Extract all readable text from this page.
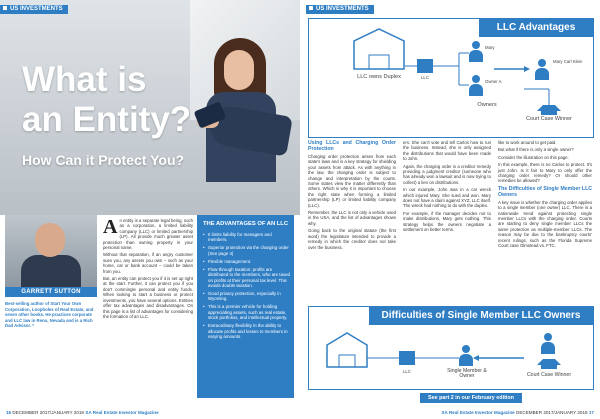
US INVESTMENTS
What is
an Entity?
How Can it Protect You?
GARRETT SUTTON

Best-selling author of Start Your Own Corporation, Loopholes of Real Estate, and seven other books. He practices corporate and LLC law in Reno, Nevada and is a Rich Dad Advisor. *

A n entity is a separate legal being, such as a corporation, a limited liability company (LLC) or limited partnership (LP). All provide much greater asset protection than owning property in your personal name.

Without that separation, if an angry customer sues you, any assets you own – such as your home, car or bank account – could be taken from you.

But, an entity can protect you if it is set up right at the start. Further, it can protect you if you don't commingle personal and entity funds. When looking to start a business or protect investments, you have several options. Entities offer tax advantages and disadvantages. On this page is a list of advantages for considering the formation of an LLC.

THE ADVANTAGES OF AN LLC
• It limits liability for managers and members.
• Superior protection via the charging order (See page 4)
• Flexible management.
• Flow-through taxation: profits are distributed to the members, who are taxed on profits at their personal tax level. This avoids double taxation.
• Good privacy protection, especially in Wyoming.
• This is a premier vehicle for holding appreciating assets, such as real estate, stock portfolios, and intellectual property.
• Extraordinary flexibility in the ability to allocate profits and losses to members in varying amounts.
16 DECEMBER 2017/JANUARY 2018 SA Real Estate Investor Magazine
US INVESTMENTS
LLC Advantages
LLC owns Duplex	LLC
Mary
Owner A
Owners
Mary Carl Klein
Court Case Winner
Using LLCs and Charging Order Protection

Charging order protection arises from each state's laws and is a key strategy for shielding your assets from attack. As with anything in the law, the charging order is subject to change and interpretation by the courts. Some states view the matter differently than others. Which is why it is important to choose the right state when forming a limited partnership (LP) or limited liability company (LLC).

Remember, the LLC is not only a vehicle used in the USA, and the list of advantages shows why.

Going back to the original statute (the first word) the legislature intended to provide a remedy in which the creditor does not take over the business.

ers. She can't vote and tell Carlos how to run the business. Instead, she is only assigned the distributions that would have been made to John.

Again, the charging order is a creditor remedy providing a judgment creditor (someone who has already won a lawsuit and is now trying to collect) a lien on distributions.

In our example, John was in a car wreck which injured Mary. She sued and won. Mary does not have a claim against XYZ, LLC itself. The wreck had nothing to do with the duplex.

For example, if the manager decides not to make distributions, Mary gets nothing. This strategy helps the owners negotiate a settlement on better terms.

like to work around to get paid.

But what if there is only a single owner?

Consider the illustration on this page.

In this example, there is no Carlos to protect. It's just John. Is it fair to Mary to only offer the charging order remedy? Or should other remedies be allowed?

The Difficulties of Single Member LLC Owners

A key issue is whether the charging order applies to a single member (one owner) LLC. There is a nationwide trend against protecting single member LLCs with the charging order. Courts are starting to deny single member LLCs the same protection as multiple-member LLCs. The reason may be due to the bankruptcy courts' recent rulings, such as the Florida Supreme Court case Olmstead vs. FTC.

Difficulties of Single Member LLC Owners
LLC	Single Member & Owner	Court Case Winner
See part 2 in our February edition
SA Real Estate Investor Magazine DECEMBER 2017/JANUARY 2018 17
